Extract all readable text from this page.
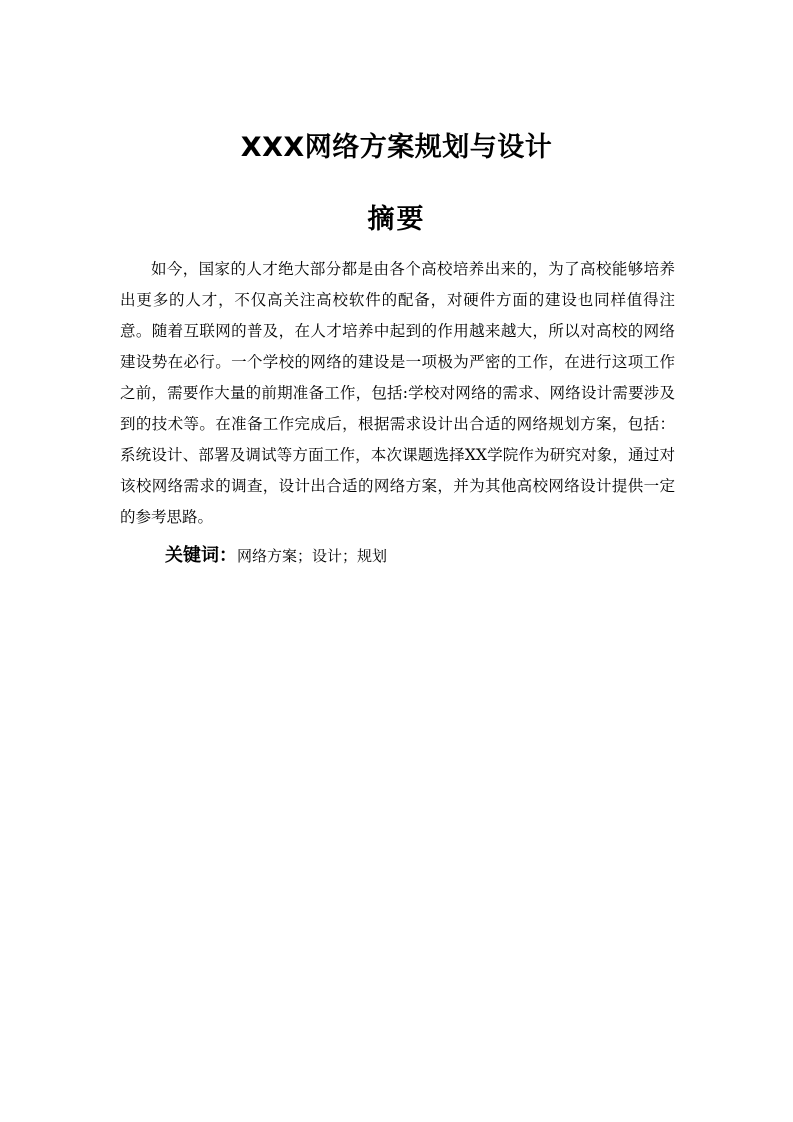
XXX网络方案规划与设计
摘要

如今，国家的人才绝大部分都是由各个高校培养出来的，为了高校能够培养出更多的人才，不仅高关注高校软件的配备，对硬件方面的建设也同样值得注意。随着互联网的普及，在人才培养中起到的作用越来越大，所以对高校的网络建设势在必行。一个学校的网络的建设是一项极为严密的工作，在进行这项工作之前，需要作大量的前期准备工作，包括:学校对网络的需求、网络设计需要涉及到的技术等。在准备工作完成后，根据需求设计出合适的网络规划方案，包括：系统设计、部署及调试等方面工作，本次课题选择XX学院作为研究对象，通过对该校网络需求的调查，设计出合适的网络方案，并为其他高校网络设计提供一定的参考思路。

关键词：网络方案；设计；规划
